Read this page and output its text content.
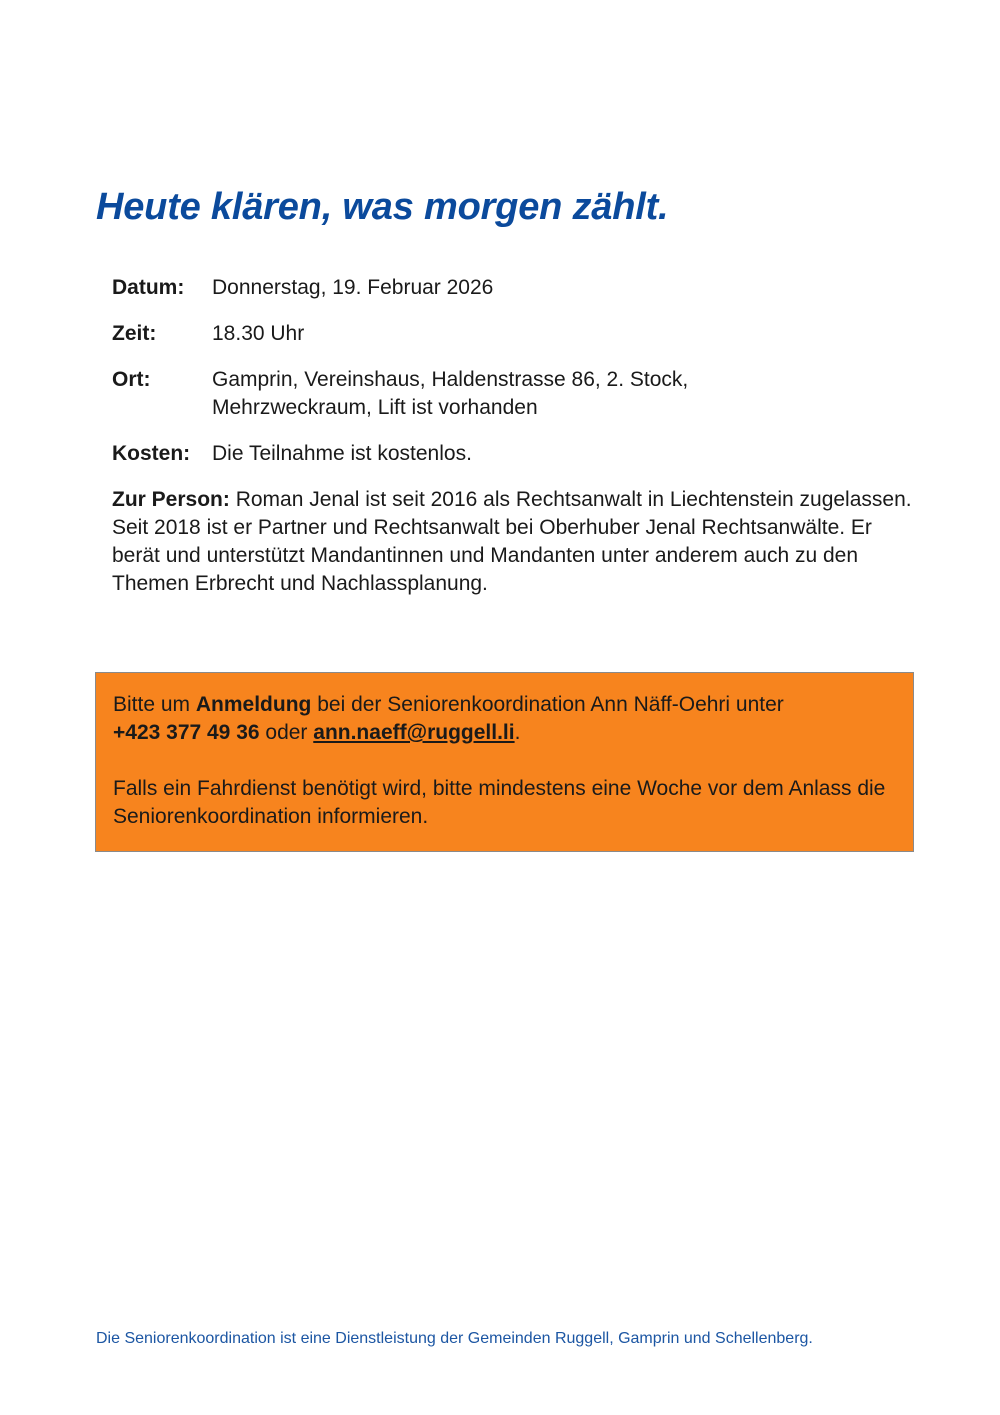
Heute klären, was morgen zählt.
Datum:	Donnerstag, 19. Februar 2026
Zeit:	18.30 Uhr
Ort:	Gamprin, Vereinshaus, Haldenstrasse 86, 2. Stock,
Mehrzweckraum, Lift ist vorhanden
Kosten:	Die Teilnahme ist kostenlos.
Zur Person: Roman Jenal ist seit 2016 als Rechtsanwalt in Liechtenstein zugelassen. Seit 2018 ist er Partner und Rechtsanwalt bei Oberhuber Jenal Rechtsanwälte. Er berät und unterstützt Mandantinnen und Mandanten unter anderem auch zu den Themen Erbrecht und Nachlassplanung.

Bitte um Anmeldung bei der Seniorenkoordination Ann Näff-Oehri unter
+423 377 49 36 oder ann.naeff@ruggell.li.

Falls ein Fahrdienst benötigt wird, bitte mindestens eine Woche vor dem Anlass die Seniorenkoordination informieren.

Die Seniorenkoordination ist eine Dienstleistung der Gemeinden Ruggell, Gamprin und Schellenberg.
